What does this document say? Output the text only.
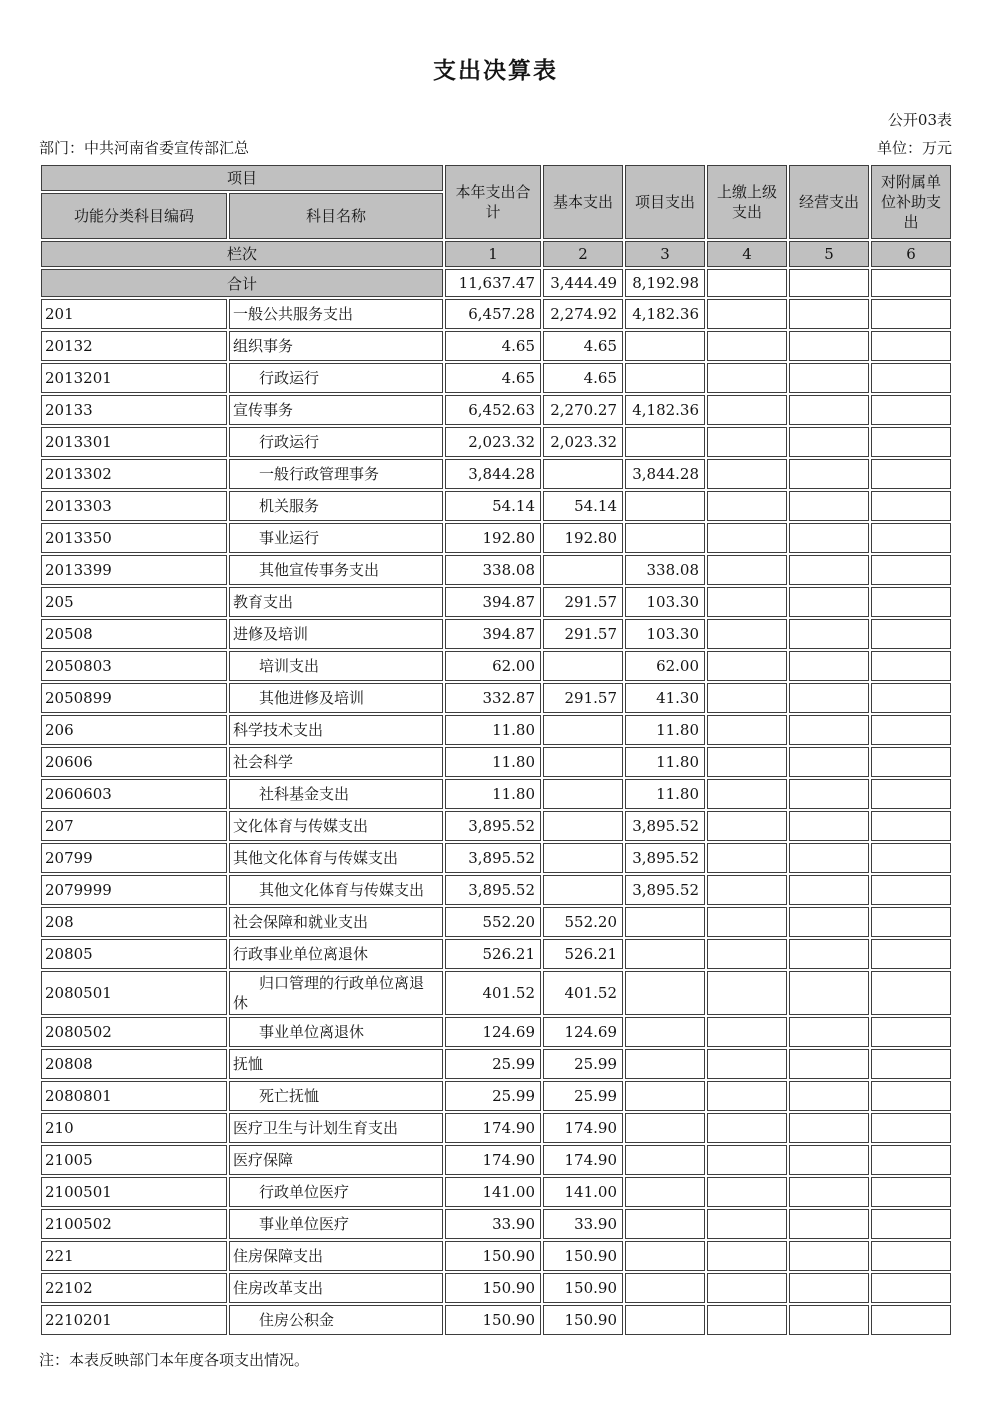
支出决算表
公开03表
部门：中共河南省委宣传部汇总	单位：万元
项目		本年支出合计	基本支出	项目支出	上缴上级支出	经营支出	对附属单位补助支出
功能分类科目编码	科目名称						
栏次		1	2	3	4	5	6
合计		11,637.47	3,444.49	8,192.98			
201	一般公共服务支出	6,457.28	2,274.92	4,182.36			
20132	组织事务	4.65	4.65				
2013201	行政运行	4.65	4.65				
20133	宣传事务	6,452.63	2,270.27	4,182.36			
2013301	行政运行	2,023.32	2,023.32				
2013302	一般行政管理事务	3,844.28		3,844.28			
2013303	机关服务	54.14	54.14				
2013350	事业运行	192.80	192.80				
2013399	其他宣传事务支出	338.08		338.08			
205	教育支出	394.87	291.57	103.30			
20508	进修及培训	394.87	291.57	103.30			
2050803	培训支出	62.00		62.00			
2050899	其他进修及培训	332.87	291.57	41.30			
206	科学技术支出	11.80		11.80			
20606	社会科学	11.80		11.80			
2060603	社科基金支出	11.80		11.80			
207	文化体育与传媒支出	3,895.52		3,895.52			
20799	其他文化体育与传媒支出	3,895.52		3,895.52			
2079999	其他文化体育与传媒支出	3,895.52		3,895.52			
208	社会保障和就业支出	552.20	552.20				
20805	行政事业单位离退休	526.21	526.21				
2080501	归口管理的行政单位离退休	401.52	401.52				
2080502	事业单位离退休	124.69	124.69				
20808	抚恤	25.99	25.99				
2080801	死亡抚恤	25.99	25.99				
210	医疗卫生与计划生育支出	174.90	174.90				
21005	医疗保障	174.90	174.90				
2100501	行政单位医疗	141.00	141.00				
2100502	事业单位医疗	33.90	33.90				
221	住房保障支出	150.90	150.90				
22102	住房改革支出	150.90	150.90				
2210201	住房公积金	150.90	150.90				
注：本表反映部门本年度各项支出情况。
